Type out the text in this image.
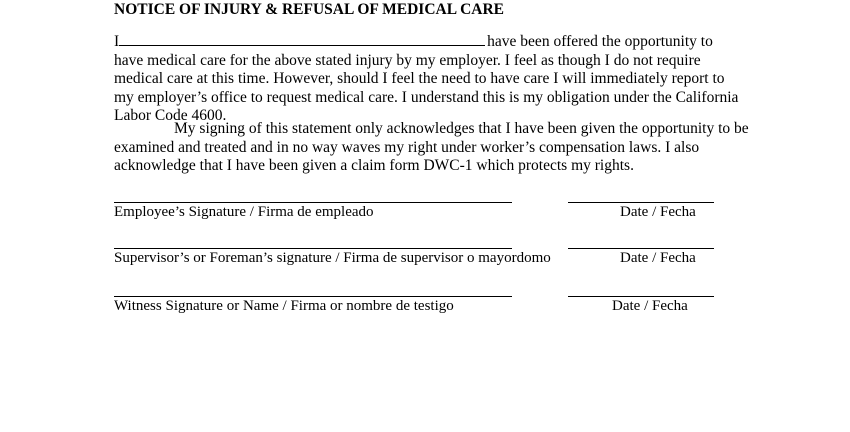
NOTICE OF INJURY & REFUSAL OF MEDICAL CARE
I	have been offered the opportunity to
have medical care for the above stated injury by my employer. I feel as though I do not require
medical care at this time. However, should I feel the need to have care I will immediately report to
my employer’s office to request medical care. I understand this is my obligation under the California
Labor Code 4600.
My signing of this statement only acknowledges that I have been given the opportunity to be
examined and treated and in no way waves my right under worker’s compensation laws. I also
acknowledge that I have been given a claim form DWC-1 which protects my rights.
Employee’s Signature / Firma de empleado	Date / Fecha
Supervisor’s or Foreman’s signature / Firma de supervisor o mayordomo	Date / Fecha
Witness Signature or Name / Firma or nombre de testigo	Date / Fecha
